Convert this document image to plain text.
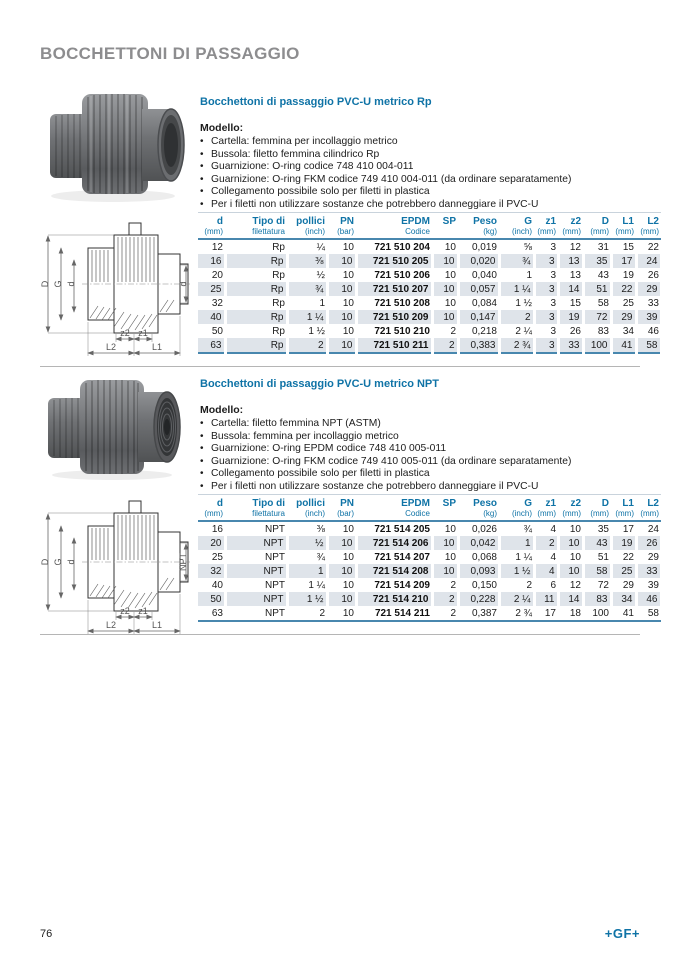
BOCCHETTONI DI PASSAGGIO
D G d	d
z2 z1
L2	L1
Bocchettoni di passaggio PVC-U metrico Rp

Modello:

• Cartella: femmina per incollaggio metrico
• Bussola: filetto femmina cilindrico Rp
• Guarnizione: O-ring codice 748 410 004-011
• Guarnizione: O-ring FKM codice 749 410 004-011 (da ordinare separatamente)
• Collegamento possibile solo per filetti in plastica
• Per i filetti non utilizzare sostanze che potrebbero danneggiare il PVC-U
d
(mm)	Tipo di
filettatura	pollici
(inch)	PN
(bar)	EPDM
Codice	SP	Peso
(kg)	G
(inch)	z1
(mm)	z2
(mm)	D
(mm)	L1
(mm)	L2
(mm)

12	Rp	¼	10	721 510 204	10	0,019	⅝	3	12	31	15	22
16	Rp	⅜	10	721 510 205	10	0,020	¾	3	13	35	17	24
20	Rp	½	10	721 510 206	10	0,040	1	3	13	43	19	26
25	Rp	¾	10	721 510 207	10	0,057	1 ¼	3	14	51	22	29
32	Rp	1	10	721 510 208	10	0,084	1 ½	3	15	58	25	33
40	Rp	1 ¼	10	721 510 209	10	0,147	2	3	19	72	29	39
50	Rp	1 ½	10	721 510 210	2	0,218	2 ¼	3	26	83	34	46
63	Rp	2	10	721 510 211	2	0,383	2 ¾	3	33	100	41	58
D G d	NPT
z2 z1
L2	L1
Bocchettoni di passaggio PVC-U metrico NPT

Modello:

• Cartella: filetto femmina NPT (ASTM)
• Bussola: femmina per incollaggio metrico
• Guarnizione: O-ring EPDM codice 748 410 005-011
• Guarnizione: O-ring FKM codice 749 410 005-011 (da ordinare separatamente)
• Collegamento possibile solo per filetti in plastica
• Per i filetti non utilizzare sostanze che potrebbero danneggiare il PVC-U
d
(mm)	Tipo di
filettatura	pollici
(inch)	PN
(bar)	EPDM
Codice	SP	Peso
(kg)	G
(inch)	z1
(mm)	z2
(mm)	D
(mm)	L1
(mm)	L2
(mm)

16	NPT	⅜	10	721 514 205	10	0,026	¾	4	10	35	17	24
20	NPT	½	10	721 514 206	10	0,042	1	2	10	43	19	26
25	NPT	¾	10	721 514 207	10	0,068	1 ¼	4	10	51	22	29
32	NPT	1	10	721 514 208	10	0,093	1 ½	4	10	58	25	33
40	NPT	1 ¼	10	721 514 209	2	0,150	2	6	12	72	29	39
50	NPT	1 ½	10	721 514 210	2	0,228	2 ¼	11	14	83	34	46
63	NPT	2	10	721 514 211	2	0,387	2 ¾	17	18	100	41	58
76	+GF+
